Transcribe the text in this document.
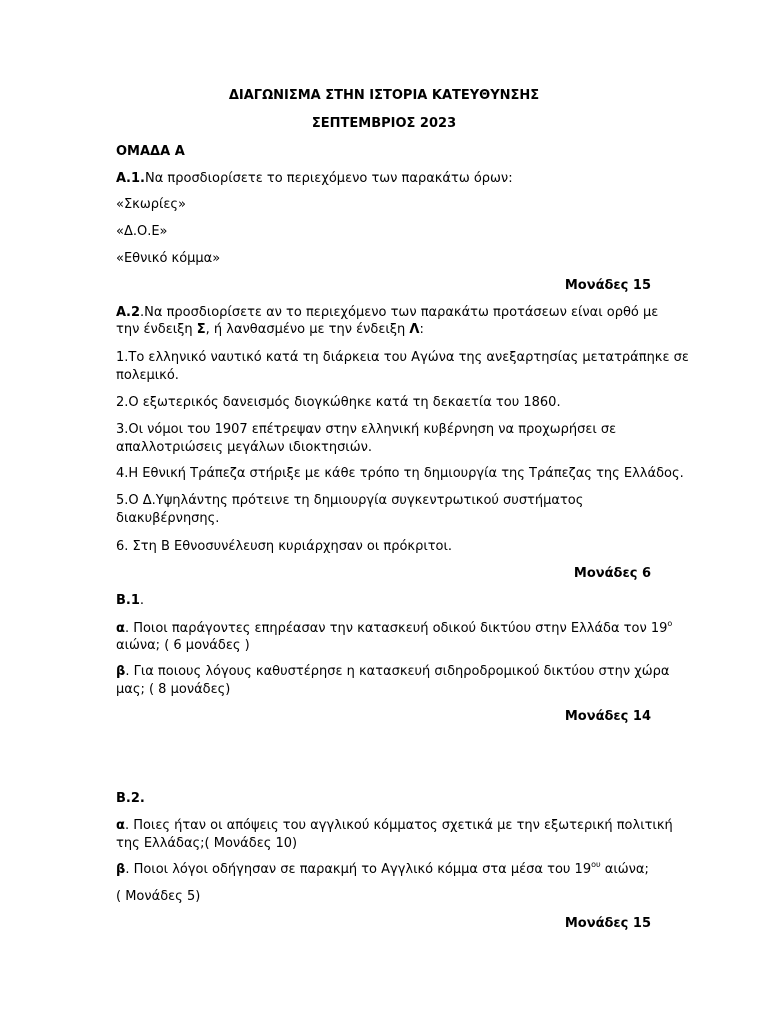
ΔΙΑΓΩΝΙΣΜΑ ΣΤΗΝ ΙΣΤΟΡΙΑ ΚΑΤΕΥΘΥΝΣΗΣ
ΣΕΠΤΕΜΒΡΙΟΣ 2023
ΟΜΑΔΑ Α
Α.1.Να προσδιορίσετε το περιεχόμενο των παρακάτω όρων:
«Σκωρίες»
«Δ.Ο.Ε»
«Εθνικό κόμμα»
Μονάδες 15
Α.2.Να προσδιορίσετε αν το περιεχόμενο των παρακάτω προτάσεων είναι ορθό με
την ένδειξη Σ, ή λανθασμένο με την ένδειξη Λ:
1.Το ελληνικό ναυτικό κατά τη διάρκεια του Αγώνα της ανεξαρτησίας μετατράπηκε σε
πολεμικό.
2.Ο εξωτερικός δανεισμός διογκώθηκε κατά τη δεκαετία του 1860.
3.Οι νόμοι του 1907 επέτρεψαν στην ελληνική κυβέρνηση να προχωρήσει σε
απαλλοτριώσεις μεγάλων ιδιοκτησιών.
4.Η Εθνική Τράπεζα στήριξε με κάθε τρόπο τη δημιουργία της Τράπεζας της Ελλάδος.
5.Ο Δ.Υψηλάντης πρότεινε τη δημιουργία συγκεντρωτικού συστήματος
διακυβέρνησης.
6. Στη Β Εθνοσυνέλευση κυριάρχησαν οι πρόκριτοι.
Μονάδες 6
Β.1.
α. Ποιοι παράγοντες επηρέασαν την κατασκευή οδικού δικτύου στην Ελλάδα τον $19^o$
αιώνα; ( 6 μονάδες )
β. Για ποιους λόγους καθυστέρησε η κατασκευή σιδηροδρομικού δικτύου στην χώρα
μας; ( 8 μονάδες)
Μονάδες 14
Β.2.
α. Ποιες ήταν οι απόψεις του αγγλικού κόμματος σχετικά με την εξωτερική πολιτική
της Ελλάδας;( Μονάδες 10)
β. Ποιοι λόγοι οδήγησαν σε παρακμή το Αγγλικό κόμμα στα μέσα του $19^{o\upsilon}$ αιώνα;
( Μονάδες 5)
Μονάδες 15
